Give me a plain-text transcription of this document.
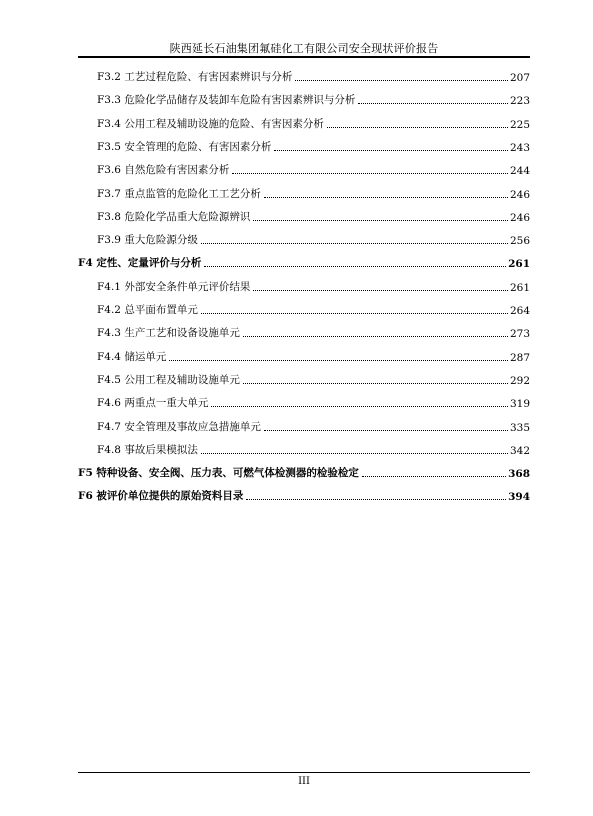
陕西延长石油集团氟硅化工有限公司安全现状评价报告
F3.2 工艺过程危险、有害因素辨识与分析	207
F3.3 危险化学品储存及装卸车危险有害因素辨识与分析	223
F3.4 公用工程及辅助设施的危险、有害因素分析	225
F3.5 安全管理的危险、有害因素分析	243
F3.6 自然危险有害因素分析	244
F3.7 重点监管的危险化工工艺分析	246
F3.8 危险化学品重大危险源辨识	246
F3.9 重大危险源分级	256
F4 定性、定量评价与分析	261
F4.1 外部安全条件单元评价结果	261
F4.2 总平面布置单元	264
F4.3 生产工艺和设备设施单元	273
F4.4 储运单元	287
F4.5 公用工程及辅助设施单元	292
F4.6 两重点一重大单元	319
F4.7 安全管理及事故应急措施单元	335
F4.8 事故后果模拟法	342
F5 特种设备、安全阀、压力表、可燃气体检测器的检验检定	368
F6 被评价单位提供的原始资料目录	394
III
